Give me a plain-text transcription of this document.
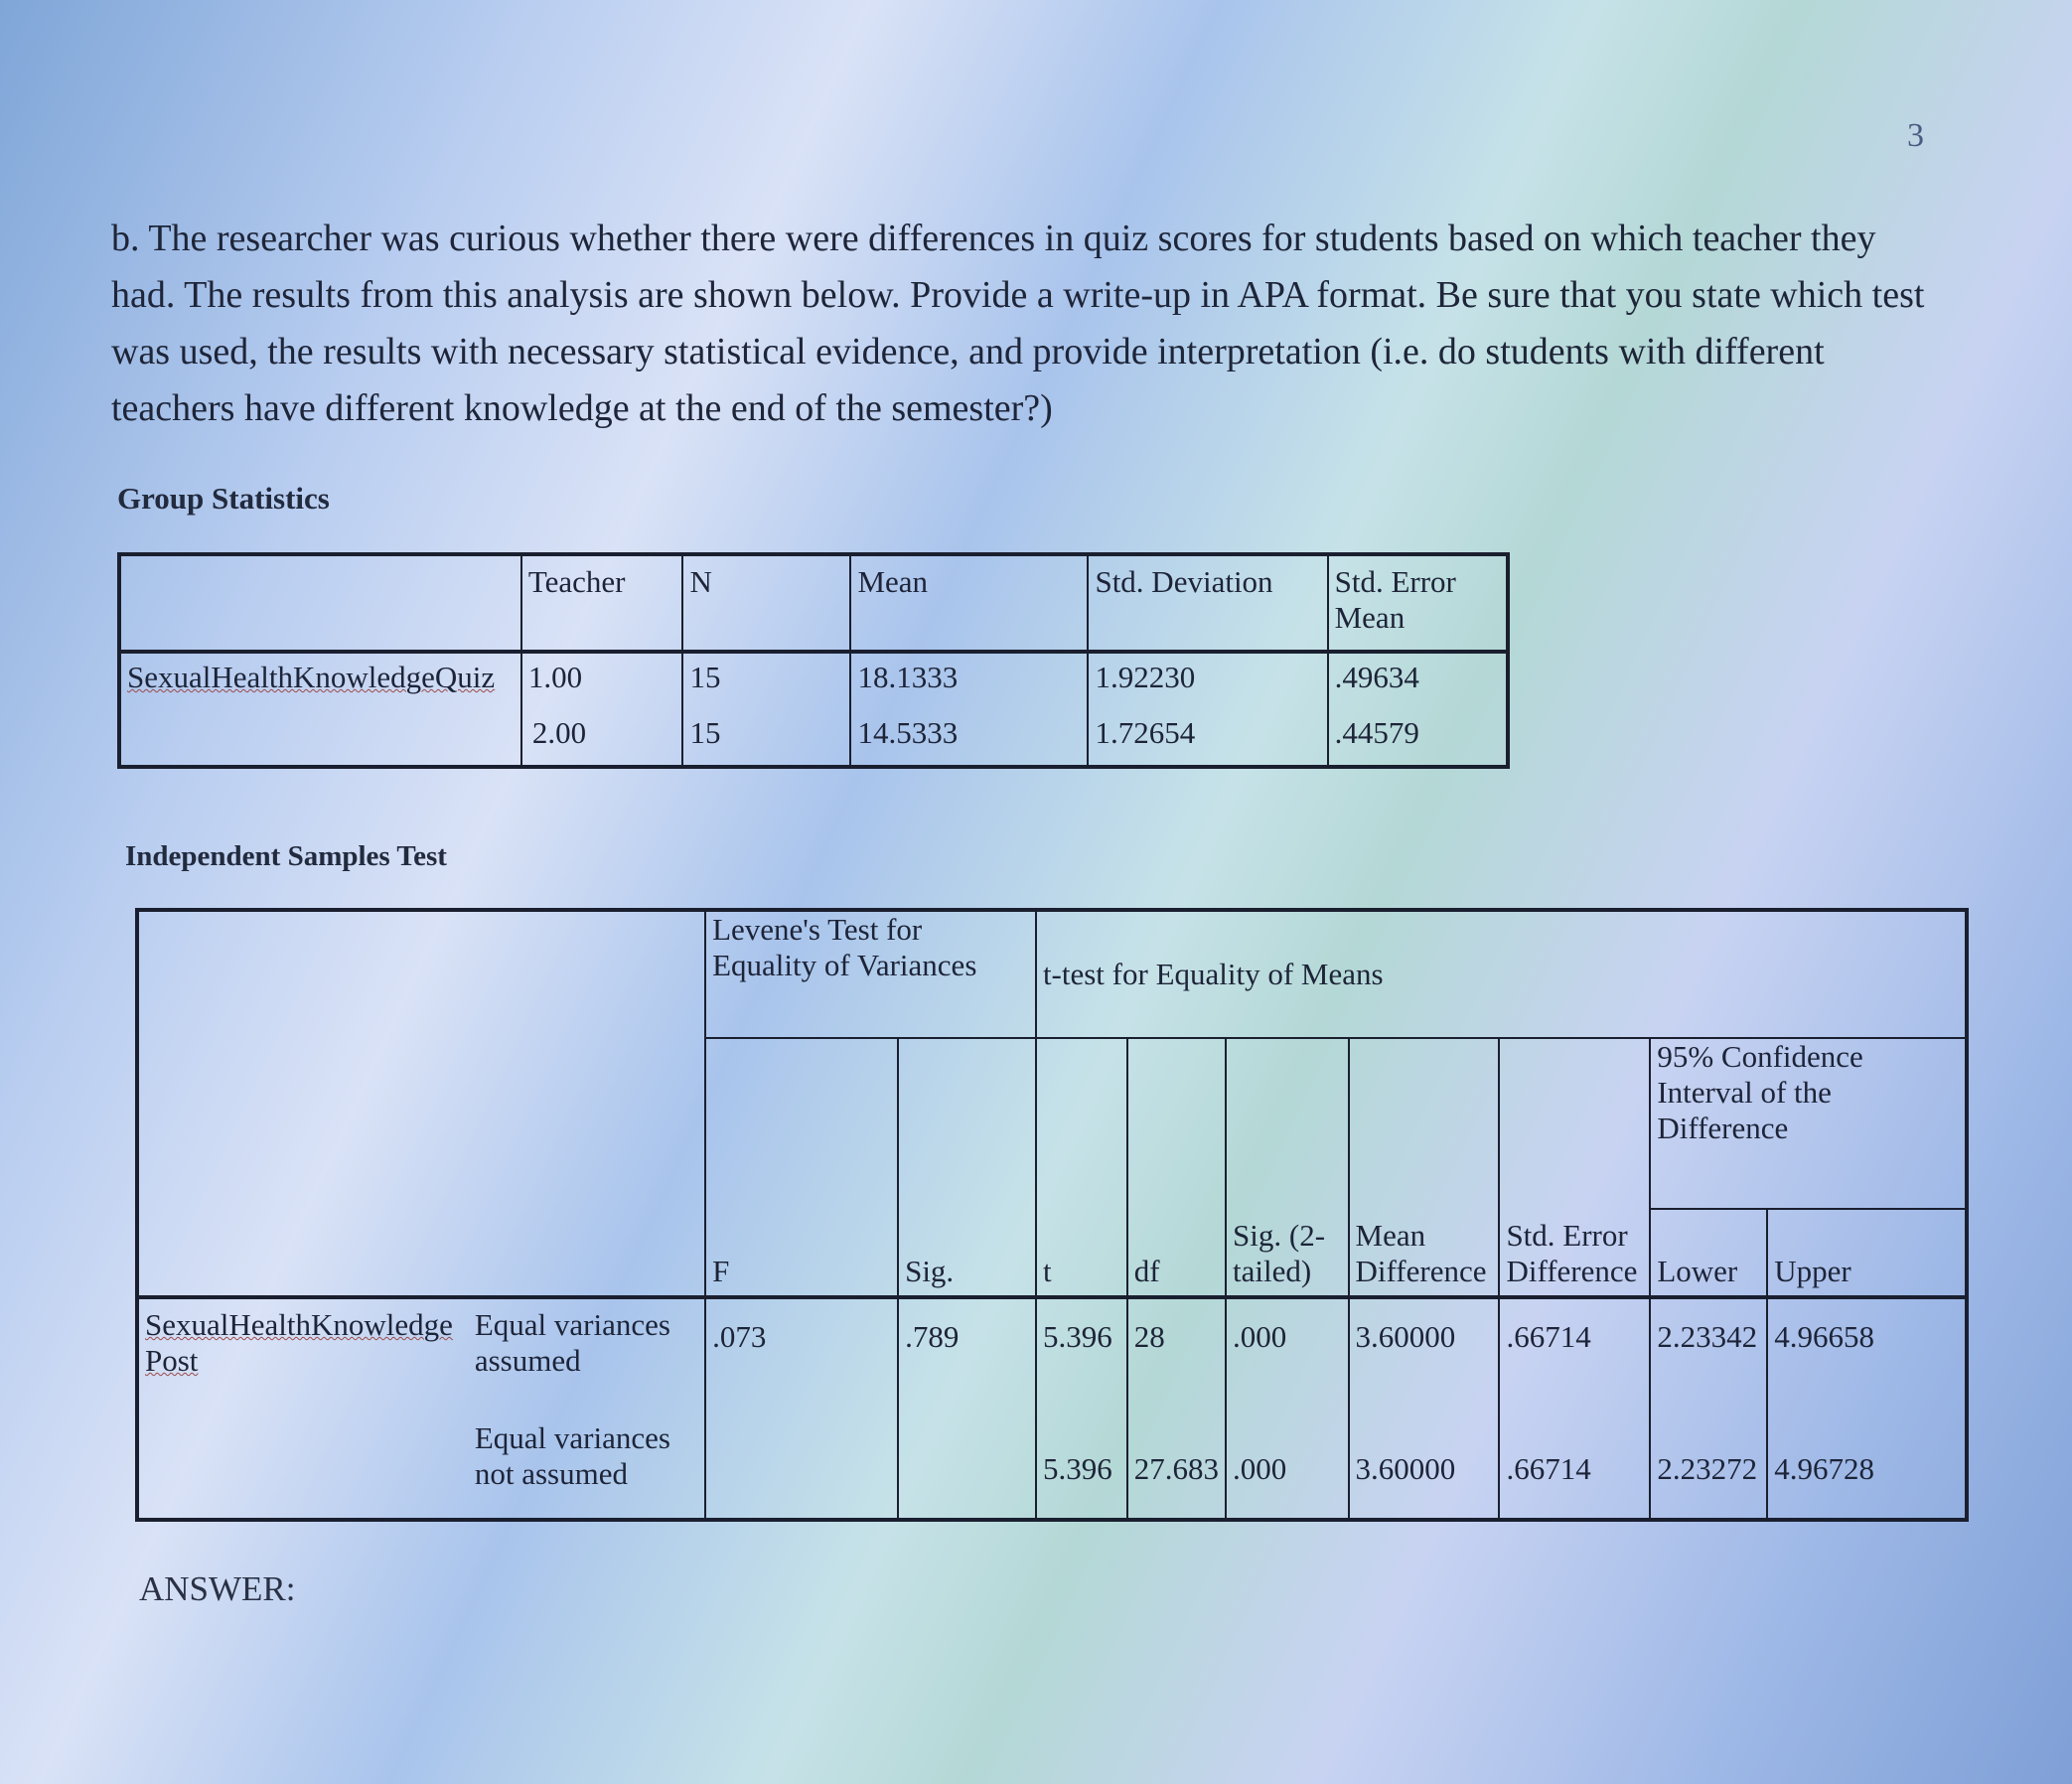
3
b. The researcher was curious whether there were differences in quiz scores for students based on which teacher they had. The results from this analysis are shown below. Provide a write-up in APA format. Be sure that you state which test was used, the results with necessary statistical evidence, and provide interpretation (i.e. do students with different teachers have different knowledge at the end of the semester?)
Group Statistics
	Teacher	N	Mean	Std. Deviation	Std. Error Mean
SexualHealthKnowledgeQuiz	1.00	15	18.1333	1.92230	.49634
	2.00	15	14.5333	1.72654	.44579
Independent Samples Test
		Levene's Test for Equality of Variances		t-test for Equality of Means						
		F	Sig.	t	df	Sig. (2-tailed)	Mean Difference	Std. Error Difference	95% Confidence Interval of the Difference	
									Lower	Upper
SexualHealthKnowledge Post	Equal variances assumed	.073	.789	5.396	28	.000	3.60000	.66714	2.23342	4.96658
	Equal variances not assumed			5.396	27.683	.000	3.60000	.66714	2.23272	4.96728
ANSWER:
